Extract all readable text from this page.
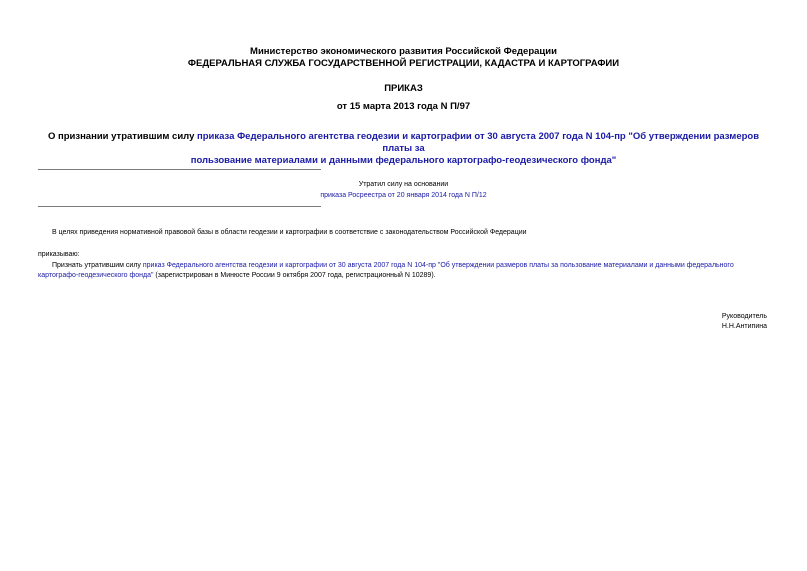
Министерство экономического развития Российской Федерации
ФЕДЕРАЛЬНАЯ СЛУЖБА ГОСУДАРСТВЕННОЙ РЕГИСТРАЦИИ, КАДАСТРА И КАРТОГРАФИИ
ПРИКАЗ
от 15 марта 2013 года N П/97
О признании утратившим силу приказа Федерального агентства геодезии и картографии от 30 августа 2007 года N 104-пр "Об утверждении размеров платы за
пользование материалами и данными федерального картографо-геодезического фонда"
Утратил силу на основании
приказа Росреестра от 20 января 2014 года N П/12
В целях приведения нормативной правовой базы в области геодезии и картографии в соответствие с законодательством Российской Федерации
приказываю:
Признать утратившим силу приказ Федерального агентства геодезии и картографии от 30 августа 2007 года N 104-пр "Об утверждении размеров платы за пользование материалами и данными федерального
картографо-геодезического фонда" (зарегистрирован в Минюсте России 9 октября 2007 года, регистрационный N 10289).
Руководитель
Н.Н.Антипина
